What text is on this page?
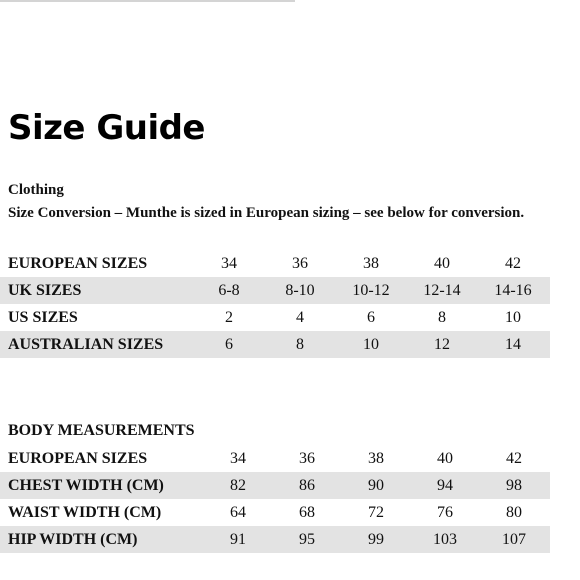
Size Guide
Clothing
Size Conversion – Munthe is sized in European sizing – see below for conversion.
EUROPEAN SIZES	34	36	38	40	42
UK SIZES	6-8	8-10	10-12	12-14	14-16
US SIZES	2	4	6	8	10
AUSTRALIAN SIZES	6	8	10	12	14
BODY MEASUREMENTS
EUROPEAN SIZES	34	36	38	40	42
CHEST WIDTH (CM)	82	86	90	94	98
WAIST WIDTH (CM)	64	68	72	76	80
HIP WIDTH (CM)	91	95	99	103	107
